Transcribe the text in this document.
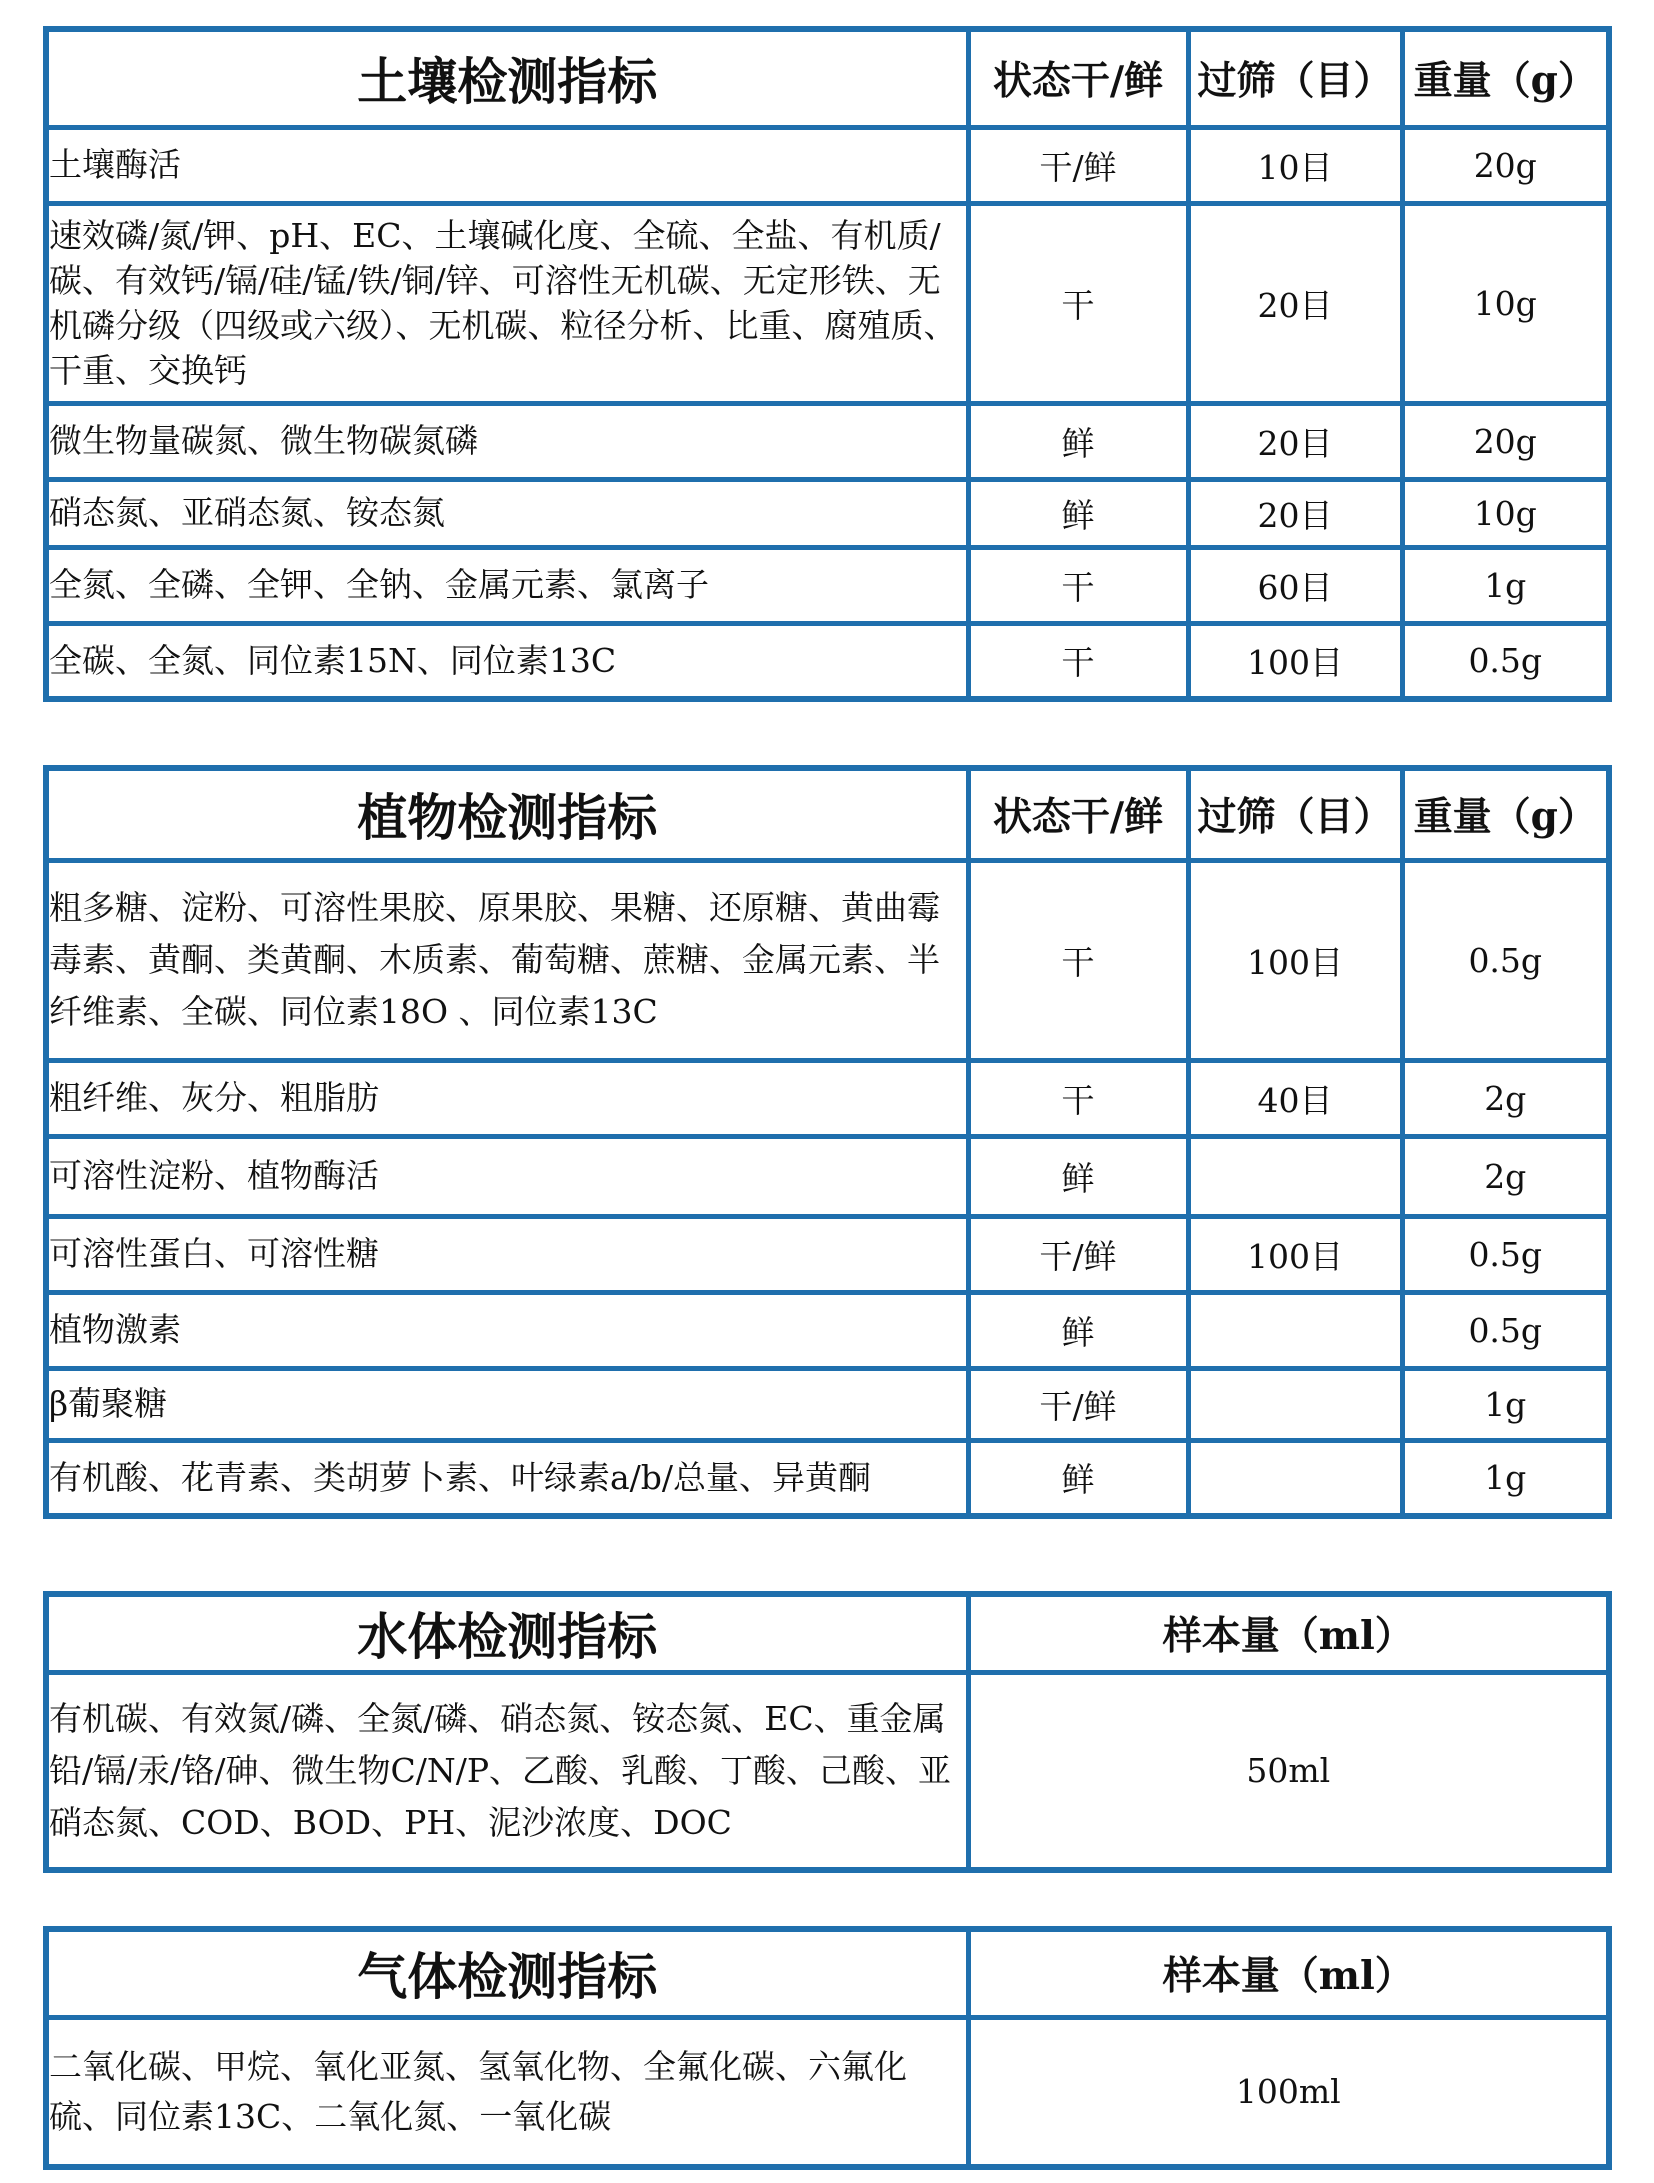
土壤检测指标	状态干/鲜	过筛（目）	重量（g）
土壤酶活	干/鲜	10目	20g
速效磷/氮/钾、pH、EC、土壤碱化度、全硫、全盐、有机质/碳、有效钙/镉/硅/锰/铁/铜/锌、可溶性无机碳、无定形铁、无机磷分级（四级或六级）、无机碳、粒径分析、比重、腐殖质、干重、交换钙	干	20目	10g
微生物量碳氮、微生物碳氮磷	鲜	20目	20g
硝态氮、亚硝态氮、铵态氮	鲜	20目	10g
全氮、全磷、全钾、全钠、金属元素、氯离子	干	60目	1g
全碳、全氮、同位素15N、同位素13C	干	100目	0.5g
植物检测指标	状态干/鲜	过筛（目）	重量（g）
粗多糖、淀粉、可溶性果胶、原果胶、果糖、还原糖、黄曲霉毒素、黄酮、类黄酮、木质素、葡萄糖、蔗糖、金属元素、半纤维素、全碳、同位素18O 、同位素13C	干	100目	0.5g
粗纤维、灰分、粗脂肪	干	40目	2g
可溶性淀粉、植物酶活	鲜		2g
可溶性蛋白、可溶性糖	干/鲜	100目	0.5g
植物激素	鲜		0.5g
β葡聚糖	干/鲜		1g
有机酸、花青素、类胡萝卜素、叶绿素a/b/总量、异黄酮	鲜		1g
水体检测指标	样本量（ml）
有机碳、有效氮/磷、全氮/磷、硝态氮、铵态氮、EC、重金属铅/镉/汞/铬/砷、微生物C/N/P、乙酸、乳酸、丁酸、己酸、亚硝态氮、COD、BOD、PH、泥沙浓度、DOC	50ml
气体检测指标	样本量（ml）
二氧化碳、甲烷、氧化亚氮、氢氧化物、全氟化碳、六氟化硫、同位素13C、二氧化氮、一氧化碳	100ml
